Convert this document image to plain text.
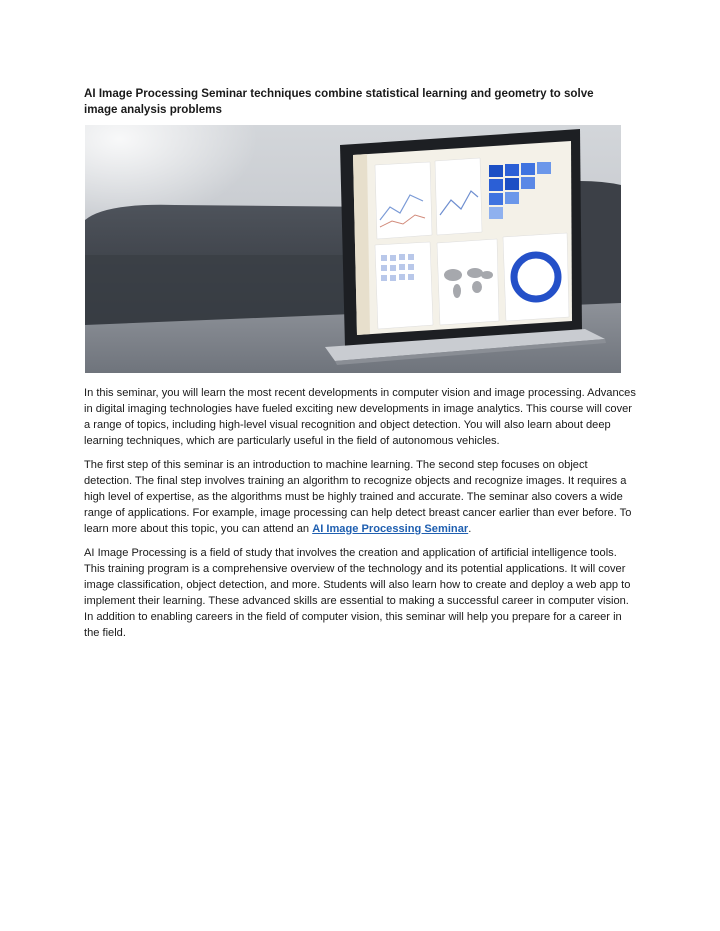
AI Image Processing Seminar techniques combine statistical learning and geometry to solve image analysis problems

In this seminar, you will learn the most recent developments in computer vision and image processing. Advances in digital imaging technologies have fueled exciting new developments in image analytics. This course will cover a range of topics, including high-level visual recognition and object detection. You will also learn about deep learning techniques, which are particularly useful in the field of autonomous vehicles.

The first step of this seminar is an introduction to machine learning. The second step focuses on object detection. The final step involves training an algorithm to recognize objects and recognize images. It requires a high level of expertise, as the algorithms must be highly trained and accurate. The seminar also covers a wide range of applications. For example, image processing can help detect breast cancer earlier than ever before. To learn more about this topic, you can attend an AI Image Processing Seminar.

AI Image Processing is a field of study that involves the creation and application of artificial intelligence tools. This training program is a comprehensive overview of the technology and its potential applications. It will cover image classification, object detection, and more. Students will also learn how to create and deploy a web app to implement their learning. These advanced skills are essential to making a successful career in computer vision. In addition to enabling careers in the field of computer vision, this seminar will help you prepare for a career in the field.
